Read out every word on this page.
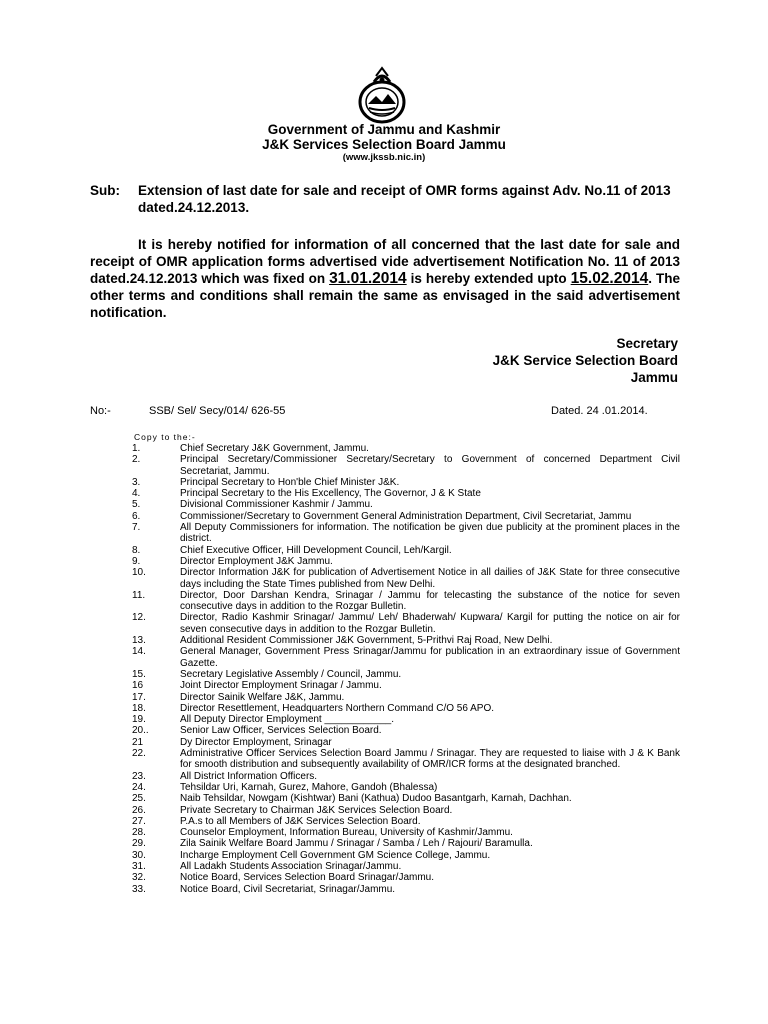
Government of Jammu and Kashmir
J&K Services Selection Board Jammu
(www.jkssb.nic.in)
Sub: Extension of last date for sale and receipt of OMR forms against Adv. No.11 of 2013 dated.24.12.2013.
It is hereby notified for information of all concerned that the last date for sale and receipt of OMR application forms advertised vide advertisement Notification No. 11 of 2013 dated.24.12.2013 which was fixed on 31.01.2014 is hereby extended upto 15.02.2014. The other terms and conditions shall remain the same as envisaged in the said advertisement notification.
Secretary
J&K Service Selection Board
Jammu
No:-	SSB/ Sel/ Secy/014/ 626-55	Dated. 24 .01.2014.
Copy to the:-
1.	Chief Secretary J&K Government, Jammu.
2.	Principal Secretary/Commissioner Secretary/Secretary to Government of concerned Department Civil Secretariat, Jammu.
3.	Principal Secretary to Hon'ble Chief Minister J&K.
4.	Principal Secretary to the His Excellency, The Governor, J & K State
5.	Divisional Commissioner Kashmir / Jammu.
6.	Commissioner/Secretary to Government General Administration Department, Civil Secretariat, Jammu
7.	All Deputy Commissioners for information. The notification be given due publicity at the prominent places in the district.
8.	Chief Executive Officer, Hill Development Council, Leh/Kargil.
9.	Director Employment J&K Jammu.
10.	Director Information J&K for publication of Advertisement Notice in all dailies of J&K State for three consecutive days including the State Times published from New Delhi.
11.	Director, Door Darshan Kendra, Srinagar / Jammu for telecasting the substance of the notice for seven consecutive days in addition to the Rozgar Bulletin.
12.	Director, Radio Kashmir Srinagar/ Jammu/ Leh/ Bhaderwah/ Kupwara/ Kargil for putting the notice on air for seven consecutive days in addition to the Rozgar Bulletin.
13.	Additional Resident Commissioner J&K Government, 5-Prithvi Raj Road, New Delhi.
14.	General Manager, Government Press Srinagar/Jammu for publication in an extraordinary issue of Government Gazette.
15.	Secretary Legislative Assembly / Council, Jammu.
16	Joint Director Employment Srinagar / Jammu.
17.	Director Sainik Welfare J&K, Jammu.
18.	Director Resettlement, Headquarters Northern Command C/O 56 APO.
19.	All Deputy Director Employment ____________.
20..	Senior Law Officer, Services Selection Board.
21	Dy Director Employment, Srinagar
22.	Administrative Officer Services Selection Board Jammu / Srinagar. They are requested to liaise with J & K Bank for smooth distribution and subsequently availability of OMR/ICR forms at the designated branched.
23.	All District Information Officers.
24.	Tehsildar Uri, Karnah, Gurez, Mahore, Gandoh (Bhalessa)
25.	Naib Tehsildar, Nowgam (Kishtwar) Bani (Kathua) Dudoo Basantgarh, Karnah, Dachhan.
26.	Private Secretary to Chairman J&K Services Selection Board.
27.	P.A.s to all Members of J&K Services Selection Board.
28.	Counselor Employment, Information Bureau, University of Kashmir/Jammu.
29.	Zila Sainik Welfare Board Jammu / Srinagar / Samba / Leh / Rajouri/ Baramulla.
30.	Incharge Employment Cell Government GM Science College, Jammu.
31.	All Ladakh Students Association Srinagar/Jammu.
32.	Notice Board, Services Selection Board Srinagar/Jammu.
33.	Notice Board, Civil Secretariat, Srinagar/Jammu.
